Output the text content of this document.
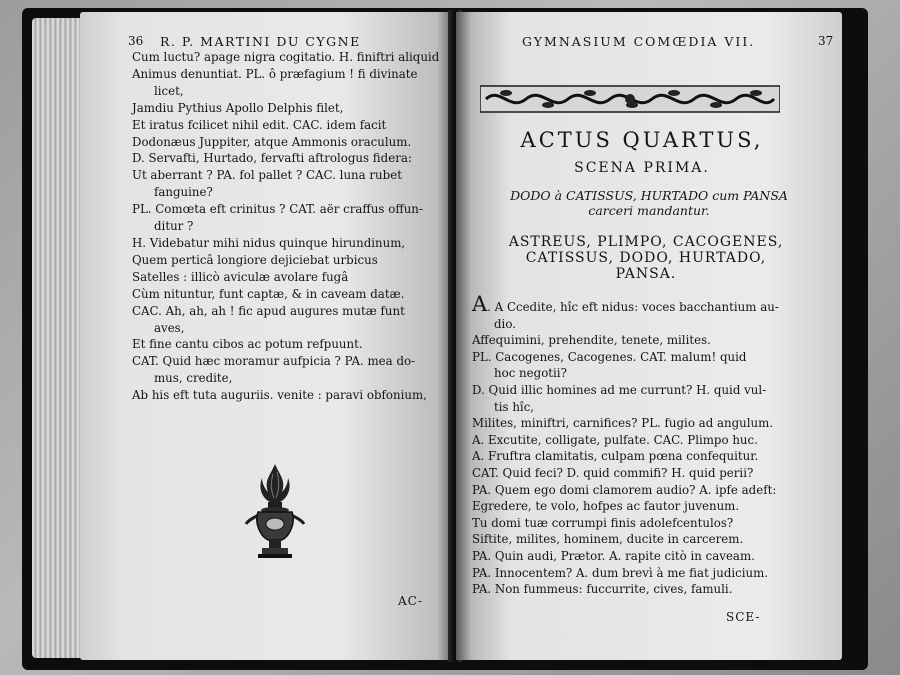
36 R. P. MARTINI DU CYGNE
Cum luctu? apage nigra cogitatio. H. finiftri aliquid
Animus denuntiat. PL. ô præfagium ! fi divinate
licet,
Jamdiu Pythius Apollo Delphis filet,
Et iratus fcilicet nihil edit. CAC. idem facit
Dodonæus Juppiter, atque Ammonis oraculum.
D. Servafti, Hurtado, fervafti aftrologus fidera:
Ut aberrant ? PA. fol pallet ? CAC. luna rubet
fanguine?
PL. Comœta eft crinitus ? CAT. aër craffus offun-
ditur ?
H. Videbatur mihi nidus quinque hirundinum,
Quem perticâ longiore dejiciebat urbicus
Satelles : illicò aviculæ avolare fugâ
Cùm nituntur, funt captæ, & in caveam datæ.
CAC. Ah, ah, ah ! fic apud augures mutæ funt
aves,
Et fine cantu cibos ac potum refpuunt.
CAT. Quid hæc moramur aufpicia ? PA. mea do-
mus, credite,
Ab his eft tuta auguriis. venite : paravi obfonium,
AC-
GYMNASIUM COMŒDIA VII.	37
ACTUS QUARTUS,
SCENA PRIMA.
DODO à CATISSUS, HURTADO cum PANSA
carceri mandantur.
ASTREUS, PLIMPO, CACOGENES,
CATISSUS, DODO, HURTADO,
PANSA.
A. A Ccedite, hîc eft nidus: voces bacchantium au-
dio.
Affequimini, prehendite, tenete, milites.
PL. Cacogenes, Cacogenes. CAT. malum! quid
hoc negotii?
D. Quid illic homines ad me currunt? H. quid vul-
tis hîc,
Milites, miniftri, carnifices? PL. fugio ad angulum.
A. Excutite, colligate, pulfate. CAC. Plimpo huc.
A. Fruftra clamitatis, culpam pœna confequitur.
CAT. Quid feci? D. quid commifi? H. quid perii?
PA. Quem ego domi clamorem audio? A. ipfe adeft:
Egredere, te volo, hofpes ac fautor juvenum.
Tu domi tuæ corrumpi finis adolefcentulos?
Siftite, milites, hominem, ducite in carcerem.
PA. Quin audi, Prætor. A. rapite citò in caveam.
PA. Innocentem? A. dum brevì à me fiat judicium.
PA. Non fummeus: fuccurrite, cives, famuli.
SCE-
